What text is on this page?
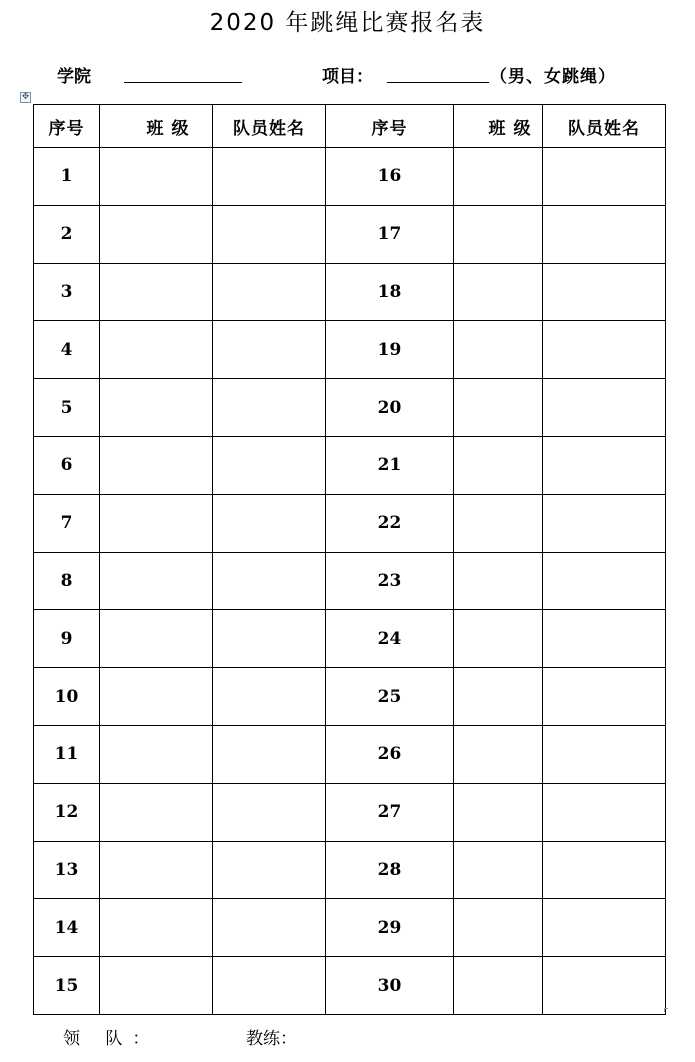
2020 年跳绳比赛报名表
学院	项目：	（男、女跳绳）
✥
序号	班 级	队员姓名	序号	班 级	队员姓名
1			16		
2			17		
3			18		
4			19		
5			20		
6			21		
7			22		
8			23		
9			24		
10			25		
11			26		
12			27		
13			28		
14			29		
15			30		
领 队：	教练：
